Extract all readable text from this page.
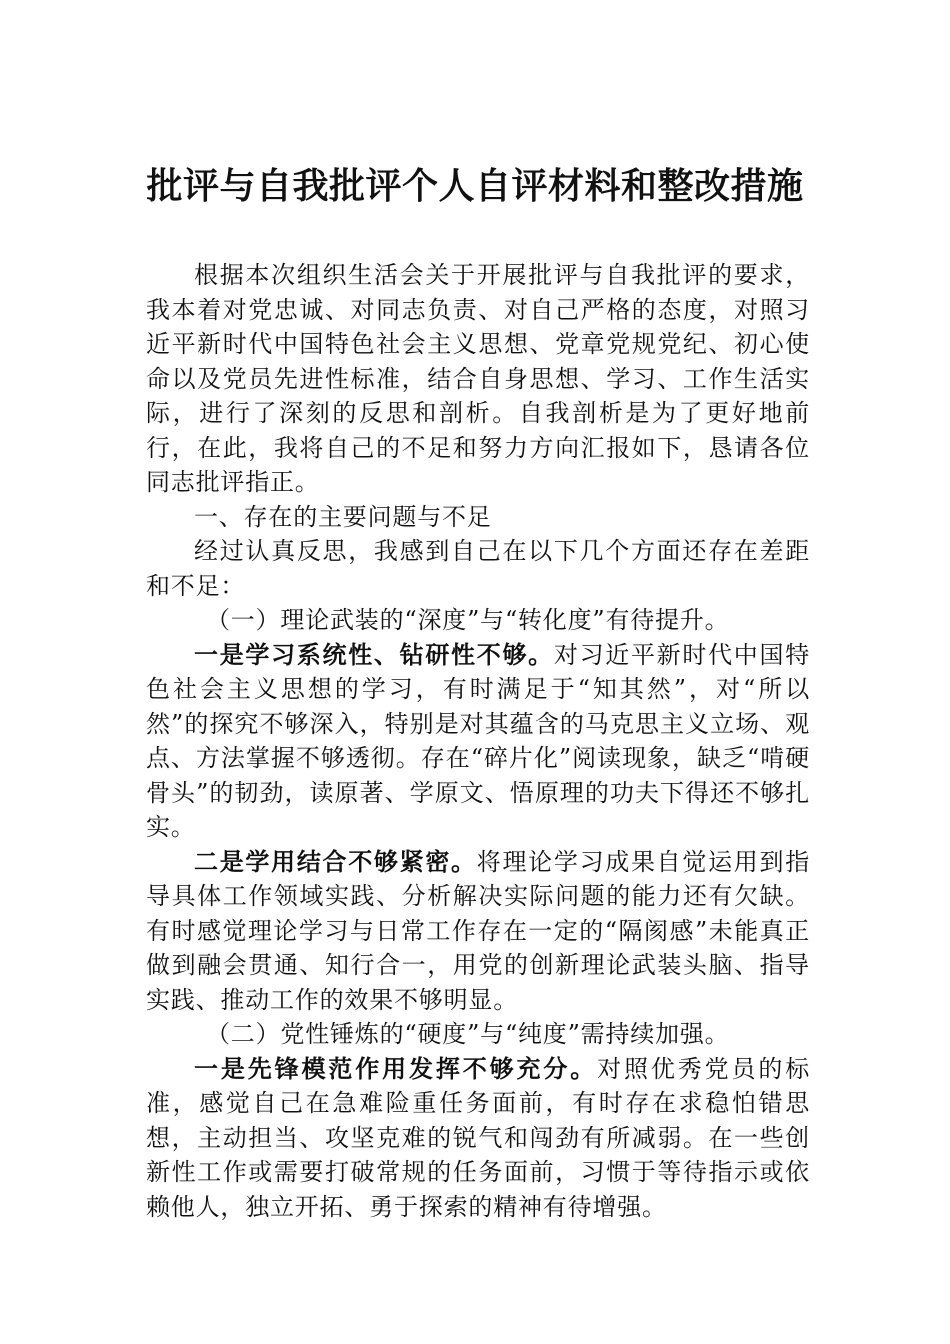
批评与自我批评个人自评材料和整改措施

根据本次组织生活会关于开展批评与自我批评的要求，我本着对党忠诚、对同志负责、对自己严格的态度，对照习近平新时代中国特色社会主义思想、党章党规党纪、初心使命以及党员先进性标准，结合自身思想、学习、工作生活实际，进行了深刻的反思和剖析。自我剖析是为了更好地前行，在此，我将自己的不足和努力方向汇报如下，恳请各位同志批评指正。

一、存在的主要问题与不足

经过认真反思，我感到自己在以下几个方面还存在差距和不足：

（一）理论武装的“深度”与“转化度”有待提升。

一是学习系统性、钻研性不够。对习近平新时代中国特色社会主义思想的学习，有时满足于“知其然”，对“所以然”的探究不够深入，特别是对其蕴含的马克思主义立场、观点、方法掌握不够透彻。存在“碎片化”阅读现象，缺乏“啃硬骨头”的韧劲，读原著、学原文、悟原理的功夫下得还不够扎实。

二是学用结合不够紧密。将理论学习成果自觉运用到指导具体工作领域实践、分析解决实际问题的能力还有欠缺。有时感觉理论学习与日常工作存在一定的“隔阂感”未能真正做到融会贯通、知行合一，用党的创新理论武装头脑、指导实践、推动工作的效果不够明显。

（二）党性锤炼的“硬度”与“纯度”需持续加强。

一是先锋模范作用发挥不够充分。对照优秀党员的标准，感觉自己在急难险重任务面前，有时存在求稳怕错思想，主动担当、攻坚克难的锐气和闯劲有所减弱。在一些创新性工作或需要打破常规的任务面前，习惯于等待指示或依赖他人，独立开拓、勇于探索的精神有待增强。
